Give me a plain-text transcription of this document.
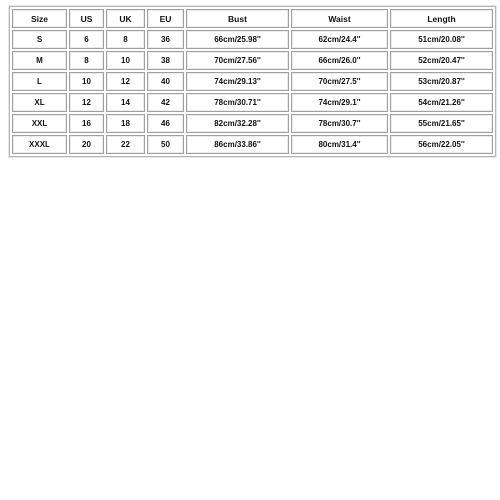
Size	US	UK	EU	Bust	Waist	Length
S	6	8	36	66cm/25.98''	62cm/24.4''	51cm/20.08''
M	8	10	38	70cm/27.56''	66cm/26.0''	52cm/20.47''
L	10	12	40	74cm/29.13''	70cm/27.5''	53cm/20.87''
XL	12	14	42	78cm/30.71''	74cm/29.1''	54cm/21.26''
XXL	16	18	46	82cm/32.28''	78cm/30.7''	55cm/21.65''
XXXL	20	22	50	86cm/33.86''	80cm/31.4''	56cm/22.05''
